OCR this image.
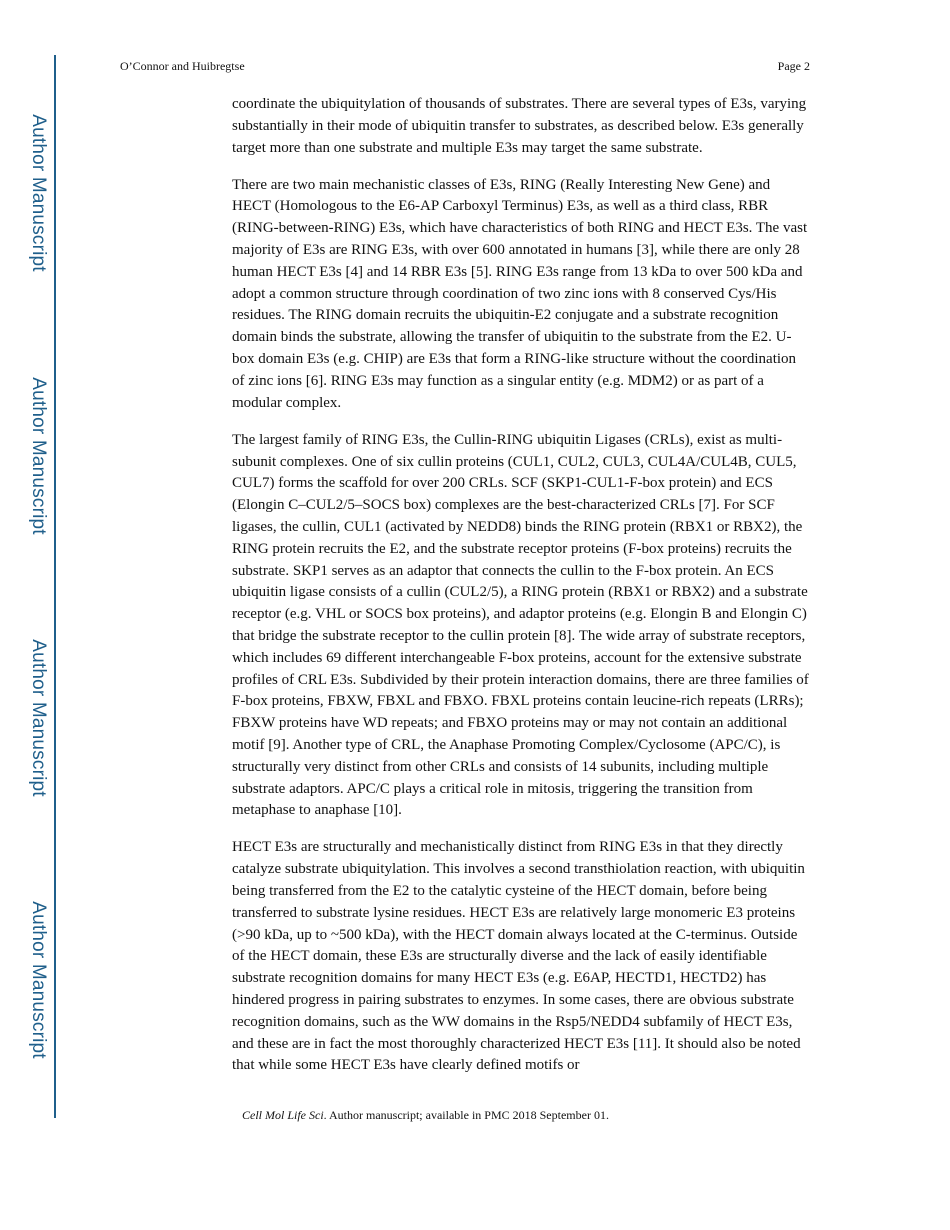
Author Manuscript
Author Manuscript
Author Manuscript
Author Manuscript
O’Connor and Huibregtse	Page 2

coordinate the ubiquitylation of thousands of substrates. There are several types of E3s, varying substantially in their mode of ubiquitin transfer to substrates, as described below. E3s generally target more than one substrate and multiple E3s may target the same substrate.

There are two main mechanistic classes of E3s, RING (Really Interesting New Gene) and HECT (Homologous to the E6-AP Carboxyl Terminus) E3s, as well as a third class, RBR (RING-between-RING) E3s, which have characteristics of both RING and HECT E3s. The vast majority of E3s are RING E3s, with over 600 annotated in humans [3], while there are only 28 human HECT E3s [4] and 14 RBR E3s [5]. RING E3s range from 13 kDa to over 500 kDa and adopt a common structure through coordination of two zinc ions with 8 conserved Cys/His residues. The RING domain recruits the ubiquitin-E2 conjugate and a substrate recognition domain binds the substrate, allowing the transfer of ubiquitin to the substrate from the E2. U-box domain E3s (e.g. CHIP) are E3s that form a RING-like structure without the coordination of zinc ions [6]. RING E3s may function as a singular entity (e.g. MDM2) or as part of a modular complex.

The largest family of RING E3s, the Cullin-RING ubiquitin Ligases (CRLs), exist as multi-subunit complexes. One of six cullin proteins (CUL1, CUL2, CUL3, CUL4A/CUL4B, CUL5, CUL7) forms the scaffold for over 200 CRLs. SCF (SKP1-CUL1-F-box protein) and ECS (Elongin C–CUL2/5–SOCS box) complexes are the best-characterized CRLs [7]. For SCF ligases, the cullin, CUL1 (activated by NEDD8) binds the RING protein (RBX1 or RBX2), the RING protein recruits the E2, and the substrate receptor proteins (F-box proteins) recruits the substrate. SKP1 serves as an adaptor that connects the cullin to the F-box protein. An ECS ubiquitin ligase consists of a cullin (CUL2/5), a RING protein (RBX1 or RBX2) and a substrate receptor (e.g. VHL or SOCS box proteins), and adaptor proteins (e.g. Elongin B and Elongin C) that bridge the substrate receptor to the cullin protein [8]. The wide array of substrate receptors, which includes 69 different interchangeable F-box proteins, account for the extensive substrate profiles of CRL E3s. Subdivided by their protein interaction domains, there are three families of F-box proteins, FBXW, FBXL and FBXO. FBXL proteins contain leucine-rich repeats (LRRs); FBXW proteins have WD repeats; and FBXO proteins may or may not contain an additional motif [9]. Another type of CRL, the Anaphase Promoting Complex/Cyclosome (APC/C), is structurally very distinct from other CRLs and consists of 14 subunits, including multiple substrate adaptors. APC/C plays a critical role in mitosis, triggering the transition from metaphase to anaphase [10].

HECT E3s are structurally and mechanistically distinct from RING E3s in that they directly catalyze substrate ubiquitylation. This involves a second transthiolation reaction, with ubiquitin being transferred from the E2 to the catalytic cysteine of the HECT domain, before being transferred to substrate lysine residues. HECT E3s are relatively large monomeric E3 proteins (>90 kDa, up to ~500 kDa), with the HECT domain always located at the C-terminus. Outside of the HECT domain, these E3s are structurally diverse and the lack of easily identifiable substrate recognition domains for many HECT E3s (e.g. E6AP, HECTD1, HECTD2) has hindered progress in pairing substrates to enzymes. In some cases, there are obvious substrate recognition domains, such as the WW domains in the Rsp5/NEDD4 subfamily of HECT E3s, and these are in fact the most thoroughly characterized HECT E3s [11]. It should also be noted that while some HECT E3s have clearly defined motifs or

Cell Mol Life Sci. Author manuscript; available in PMC 2018 September 01.
